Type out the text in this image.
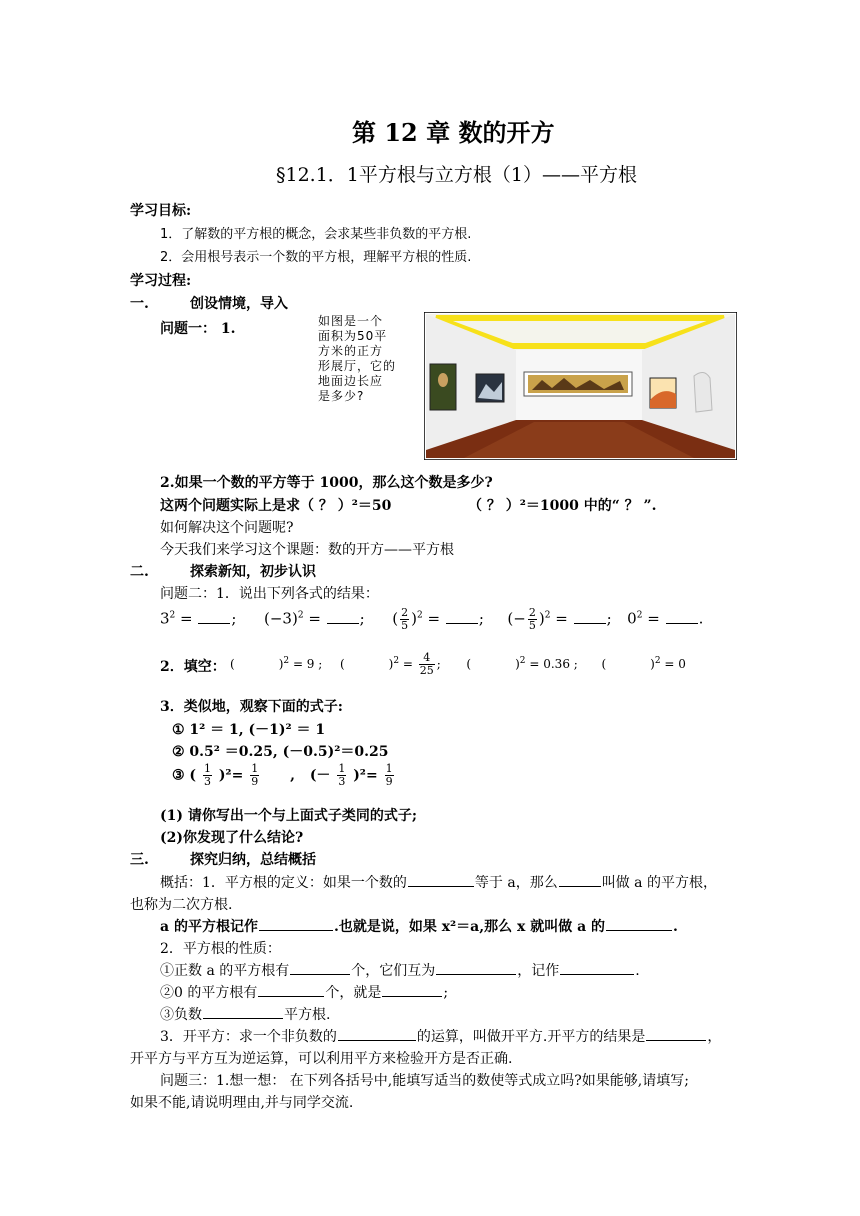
第 12 章 数的开方
§12.1．1平方根与立方根（1）——平方根
学习目标:
1．了解数的平方根的概念，会求某些非负数的平方根.
2．会用根号表示一个数的平方根，理解平方根的性质.
学习过程:
一.	创设情境，导入
问题一： 1.	如图是一个
面积为50平
方米的正方
形展厅，它的
地面边长应
是多少?
2.如果一个数的平方等于 1000，那么这个数是多少?
这两个问题实际上是求（ ？ ）²＝50	（ ？ ）²＝1000 中的“ ？ ”.
如何解决这个问题呢?
今天我们来学习这个课题：数的开方——平方根
二.	探索新知，初步认识
问题二：1．说出下列各式的结果：
$3^2$ = ;  $(-3)^2$ = ;  ( $\frac{2}{5} )^2$ = ;  (− $\frac{2}{5} )^2$ = ;  $0^2$ = .
2．填空： (	)$^2$ = 9 ;  (	)$^2 = \frac{4}{25}$ ;  (	)$^2$ = 0.36 ;  (	)$^2$ = 0
3．类似地，观察下面的式子:
① 1² ＝ 1, (－1)² ＝ 1
② 0.5² ＝0.25, (－0.5)²＝0.25
③ ( $\frac{1}{3} )^2= \frac{1}{9}$ , (－ $\frac{1}{3} )^2= \frac{1}{9}$
(1) 请你写出一个与上面式子类同的式子;
(2)你发现了什么结论?
三.	探究归纳，总结概括
概括：1．平方根的定义：如果一个数的	等于 a，那么	叫做 a 的平方根，
也称为二次方根.
a 的平方根记作	.也就是说，如果 x²＝a,那么 x 就叫做 a 的	.
2．平方根的性质：
①正数 a 的平方根有	个，它们互为	，记作	.
②0 的平方根有	个，就是	;
③负数	平方根.
3．开平方：求一个非负数的	的运算，叫做开平方.开平方的结果是	，
开平方与平方互为逆运算，可以利用平方来检验开方是否正确.
问题三：1.想一想： 在下列各括号中,能填写适当的数使等式成立吗?如果能够,请填写;
如果不能,请说明理由,并与同学交流.
